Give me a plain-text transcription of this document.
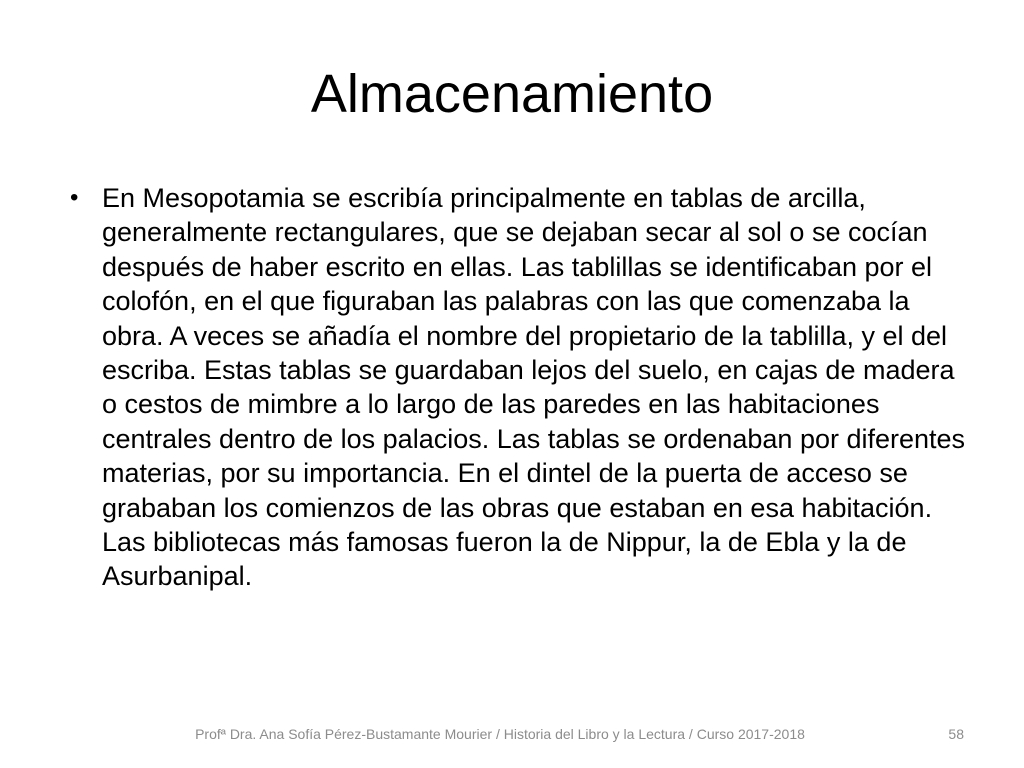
Almacenamiento
• En Mesopotamia se escribía principalmente en tablas de arcilla, generalmente rectangulares, que se dejaban secar al sol o se cocían después de haber escrito en ellas. Las tablillas se identificaban por el colofón, en el que figuraban las palabras con las que comenzaba la obra. A veces se añadía el nombre del propietario de la tablilla, y el del escriba. Estas tablas se guardaban lejos del suelo, en cajas de madera o cestos de mimbre a lo largo de las paredes en las habitaciones centrales dentro de los palacios. Las tablas se ordenaban por diferentes materias, por su importancia. En el dintel de la puerta de acceso se grababan los comienzos de las obras que estaban en esa habitación. Las bibliotecas más famosas fueron la de Nippur, la de Ebla y la de Asurbanipal.
Profª Dra. Ana Sofía Pérez-Bustamante Mourier / Historia del Libro y la Lectura / Curso 2017-2018	58
